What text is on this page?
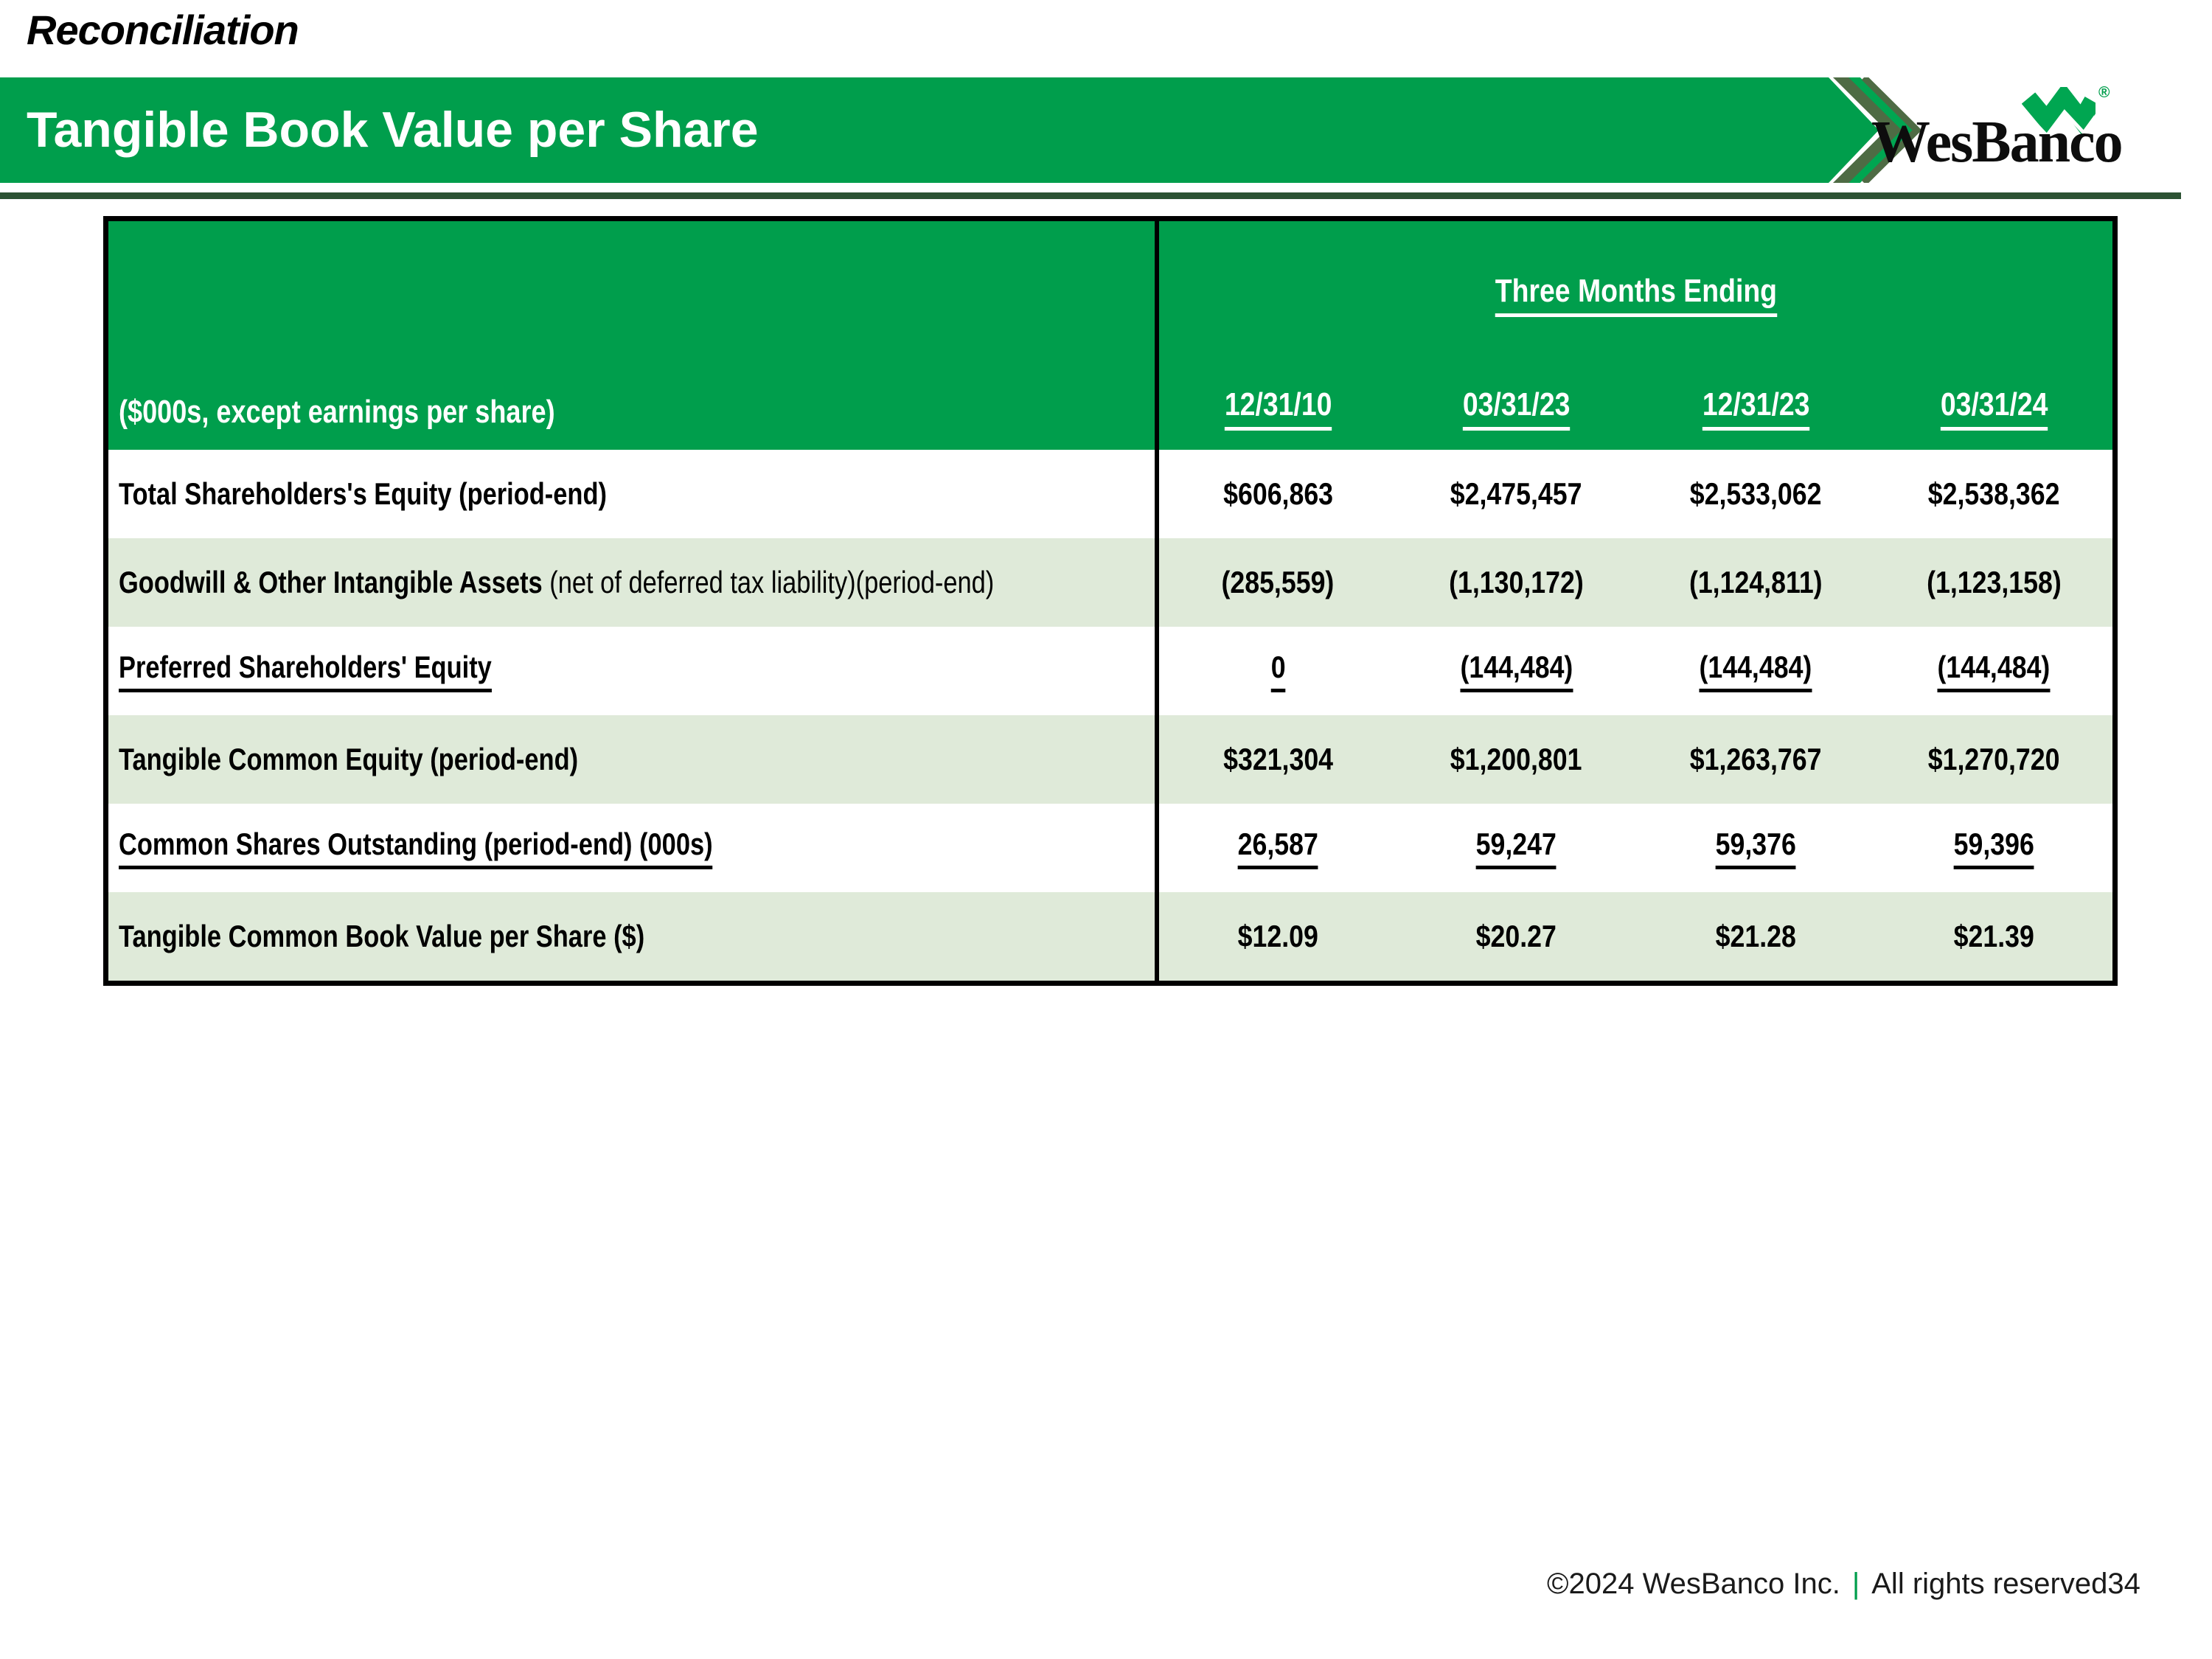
Reconciliation
Tangible Book Value per Share
®
WesBanco
($000s, except earnings per share)	Three Months Ending			
	12/31/10	03/31/23	12/31/23	03/31/24
Total Shareholders's Equity (period-end)	$606,863	$2,475,457	$2,533,062	$2,538,362
Goodwill & Other Intangible Assets (net of deferred tax liability)(period-end)	(285,559)	(1,130,172)	(1,124,811)	(1,123,158)
Preferred Shareholders' Equity	0	(144,484)	(144,484)	(144,484)
Tangible Common Equity (period-end)	$321,304	$1,200,801	$1,263,767	$1,270,720
Common Shares Outstanding (period-end) (000s)	26,587	59,247	59,376	59,396
Tangible Common Book Value per Share ($)	$12.09	$20.27	$21.28	$21.39
©2024 WesBanco Inc. | All rights reserved 34
